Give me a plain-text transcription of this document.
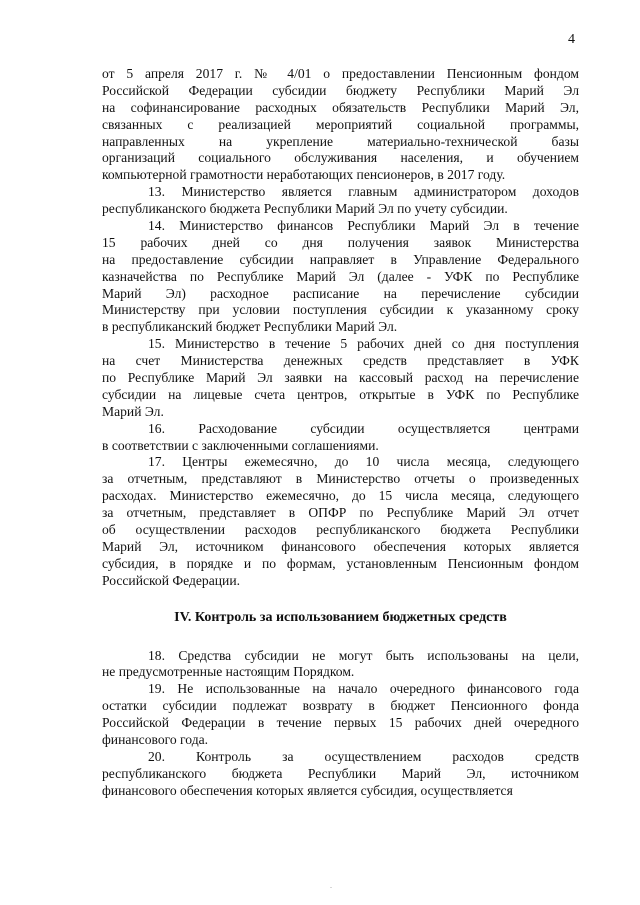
4
от 5 апреля 2017 г. № 4/01 о предоставлении Пенсионным фондом
Российской Федерации субсидии бюджету Республики Марий Эл
на софинансирование расходных обязательств Республики Марий Эл,
связанных с реализацией мероприятий социальной программы,
направленных на укрепление материально-технической базы
организаций социального обслуживания населения, и обучением
компьютерной грамотности неработающих пенсионеров, в 2017 году.
13. Министерство является главным администратором доходов
республиканского бюджета Республики Марий Эл по учету субсидии.
14. Министерство финансов Республики Марий Эл в течение
15 рабочих дней со дня получения заявок Министерства
на предоставление субсидии направляет в Управление Федерального
казначейства по Республике Марий Эл (далее - УФК по Республике
Марий Эл) расходное расписание на перечисление субсидии
Министерству при условии поступления субсидии к указанному сроку
в республиканский бюджет Республики Марий Эл.
15. Министерство в течение 5 рабочих дней со дня поступления
на счет Министерства денежных средств представляет в УФК
по Республике Марий Эл заявки на кассовый расход на перечисление
субсидии на лицевые счета центров, открытые в УФК по Республике
Марий Эл.
16. Расходование субсидии осуществляется центрами
в соответствии с заключенными соглашениями.
17. Центры ежемесячно, до 10 числа месяца, следующего
за отчетным, представляют в Министерство отчеты о произведенных
расходах. Министерство ежемесячно, до 15 числа месяца, следующего
за отчетным, представляет в ОПФР по Республике Марий Эл отчет
об осуществлении расходов республиканского бюджета Республики
Марий Эл, источником финансового обеспечения которых является
субсидия, в порядке и по формам, установленным Пенсионным фондом
Российской Федерации.
IV. Контроль за использованием бюджетных средств
18. Средства субсидии не могут быть использованы на цели,
не предусмотренные настоящим Порядком.
19. Не использованные на начало очередного финансового года
остатки субсидии подлежат возврату в бюджет Пенсионного фонда
Российской Федерации в течение первых 15 рабочих дней очередного
финансового года.
20. Контроль за осуществлением расходов средств
республиканского бюджета Республики Марий Эл, источником
финансового обеспечения которых является субсидия, осуществляется
.
